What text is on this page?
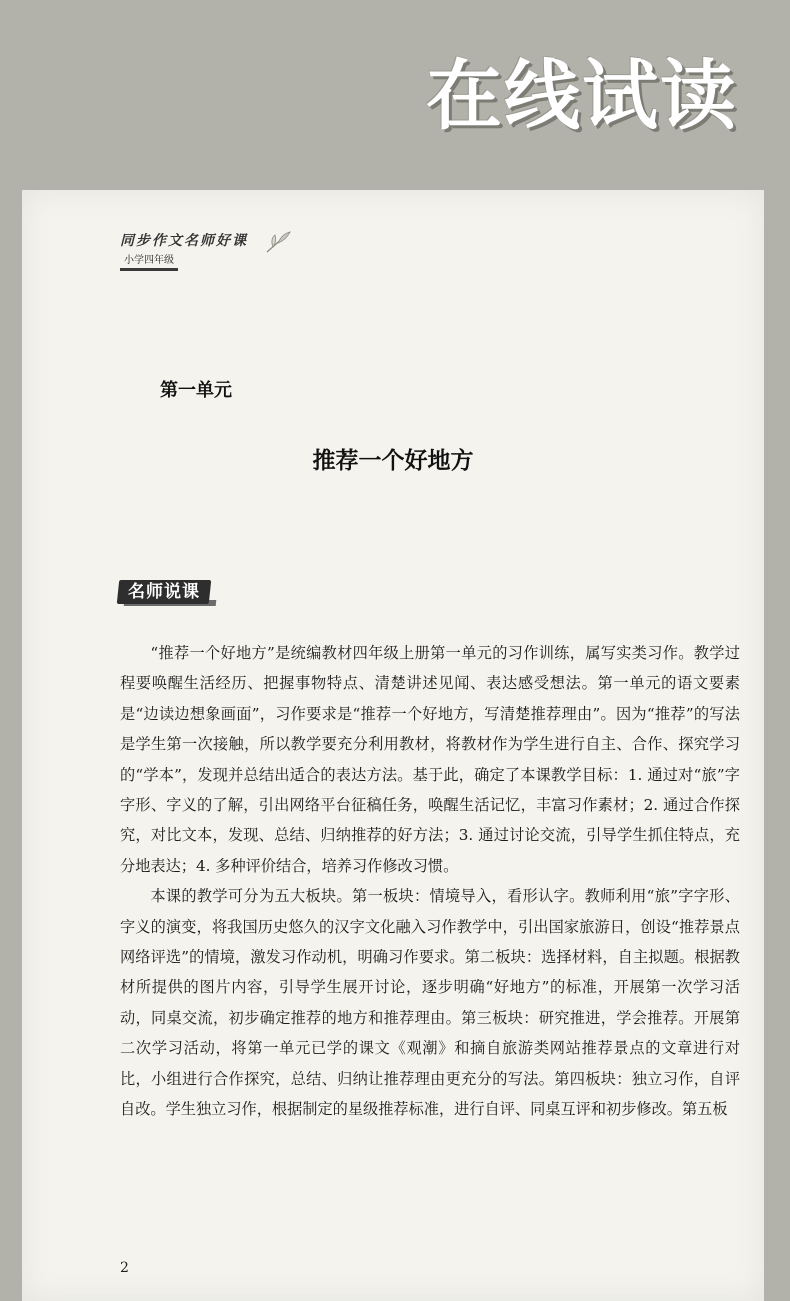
在线试读
同步作文名师好课
小学四年级
第一单元
推荐一个好地方
名师说课

“推荐一个好地方”是统编教材四年级上册第一单元的习作训练，属写实类习作。教学过程要唤醒生活经历、把握事物特点、清楚讲述见闻、表达感受想法。第一单元的语文要素是“边读边想象画面”，习作要求是“推荐一个好地方，写清楚推荐理由”。因为“推荐”的写法是学生第一次接触，所以教学要充分利用教材，将教材作为学生进行自主、合作、探究学习的“学本”，发现并总结出适合的表达方法。基于此，确定了本课教学目标：1. 通过对“旅”字字形、字义的了解，引出网络平台征稿任务，唤醒生活记忆，丰富习作素材；2. 通过合作探究，对比文本，发现、总结、归纳推荐的好方法；3. 通过讨论交流，引导学生抓住特点，充分地表达；4. 多种评价结合，培养习作修改习惯。

本课的教学可分为五大板块。第一板块：情境导入，看形认字。教师利用“旅”字字形、字义的演变，将我国历史悠久的汉字文化融入习作教学中，引出国家旅游日，创设“推荐景点网络评选”的情境，激发习作动机，明确习作要求。第二板块：选择材料，自主拟题。根据教材所提供的图片内容，引导学生展开讨论，逐步明确“好地方”的标准，开展第一次学习活动，同桌交流，初步确定推荐的地方和推荐理由。第三板块：研究推进，学会推荐。开展第二次学习活动，将第一单元已学的课文《观潮》和摘自旅游类网站推荐景点的文章进行对比，小组进行合作探究，总结、归纳让推荐理由更充分的写法。第四板块：独立习作，自评自改。学生独立习作，根据制定的星级推荐标准，进行自评、同桌互评和初步修改。第五板

2
